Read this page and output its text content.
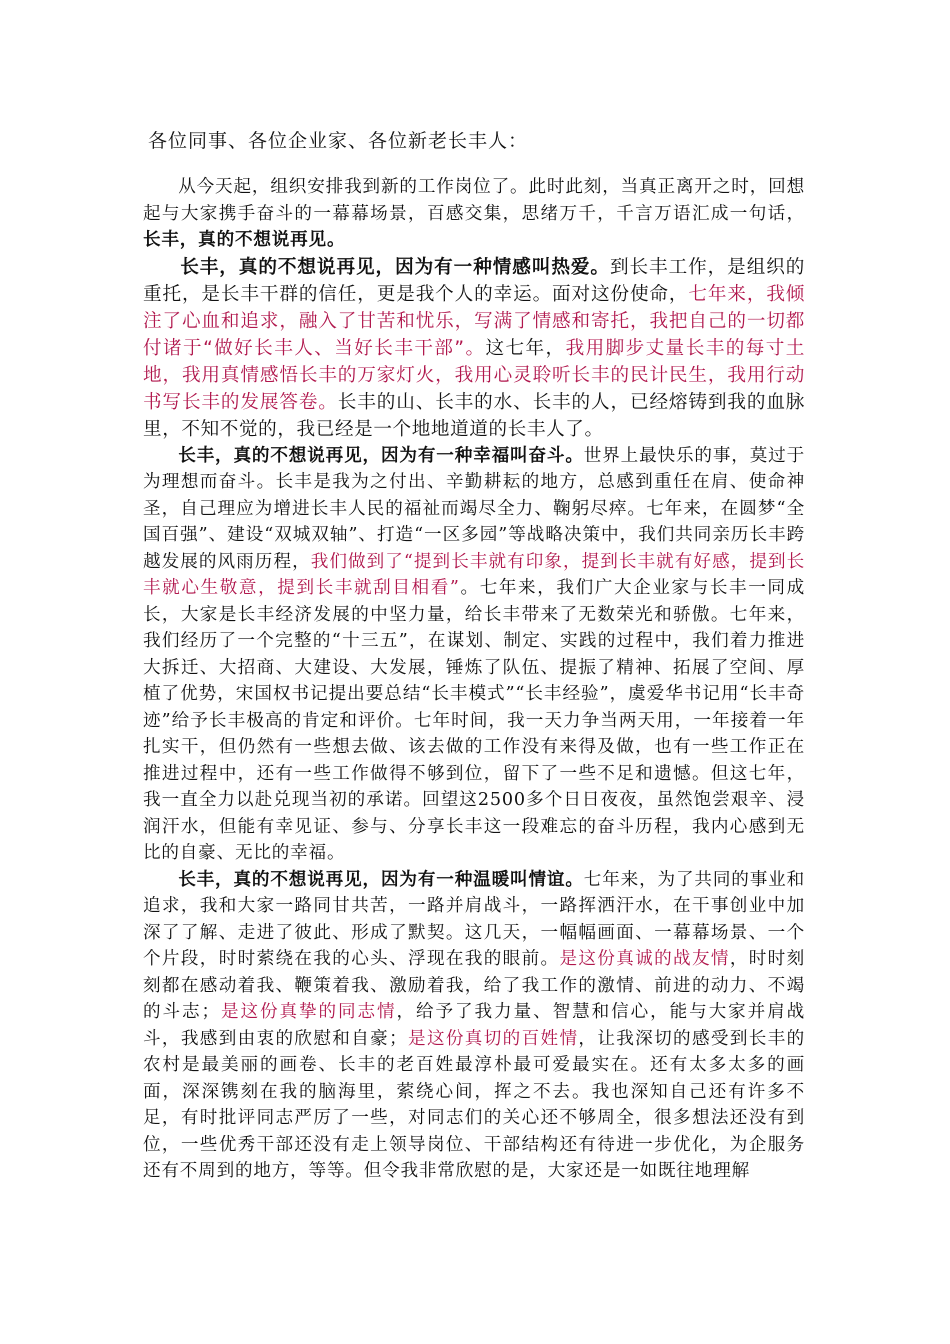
各位同事、各位企业家、各位新老长丰人：

从今天起，组织安排我到新的工作岗位了。此时此刻，当真正离开之时，回想起与大家携手奋斗的一幕幕场景，百感交集，思绪万千，千言万语汇成一句话，长丰，真的不想说再见。

长丰，真的不想说再见，因为有一种情感叫热爱。到长丰工作，是组织的重托，是长丰干群的信任，更是我个人的幸运。面对这份使命，七年来，我倾注了心血和追求，融入了甘苦和忧乐，写满了情感和寄托，我把自己的一切都付诸于“做好长丰人、当好长丰干部”。这七年，我用脚步丈量长丰的每寸土地，我用真情感悟长丰的万家灯火，我用心灵聆听长丰的民计民生，我用行动书写长丰的发展答卷。长丰的山、长丰的水、长丰的人，已经熔铸到我的血脉里，不知不觉的，我已经是一个地地道道的长丰人了。

长丰，真的不想说再见，因为有一种幸福叫奋斗。世界上最快乐的事，莫过于为理想而奋斗。长丰是我为之付出、辛勤耕耘的地方，总感到重任在肩、使命神圣，自己理应为增进长丰人民的福祉而竭尽全力、鞠躬尽瘁。七年来，在圆梦“全国百强”、建设“双城双轴”、打造“一区多园”等战略决策中，我们共同亲历长丰跨越发展的风雨历程，我们做到了“提到长丰就有印象，提到长丰就有好感，提到长丰就心生敬意，提到长丰就刮目相看”。七年来，我们广大企业家与长丰一同成长，大家是长丰经济发展的中坚力量，给长丰带来了无数荣光和骄傲。七年来，我们经历了一个完整的“十三五”，在谋划、制定、实践的过程中，我们着力推进大拆迁、大招商、大建设、大发展，锤炼了队伍、提振了精神、拓展了空间、厚植了优势，宋国权书记提出要总结“长丰模式”“长丰经验”，虞爱华书记用“长丰奇迹”给予长丰极高的肯定和评价。七年时间，我一天力争当两天用，一年接着一年扎实干，但仍然有一些想去做、该去做的工作没有来得及做，也有一些工作正在推进过程中，还有一些工作做得不够到位，留下了一些不足和遗憾。但这七年，我一直全力以赴兑现当初的承诺。回望这2500多个日日夜夜，虽然饱尝艰辛、浸润汗水，但能有幸见证、参与、分享长丰这一段难忘的奋斗历程，我内心感到无比的自豪、无比的幸福。

长丰，真的不想说再见，因为有一种温暖叫情谊。七年来，为了共同的事业和追求，我和大家一路同甘共苦，一路并肩战斗，一路挥洒汗水，在干事创业中加深了了解、走进了彼此、形成了默契。这几天，一幅幅画面、一幕幕场景、一个个片段，时时萦绕在我的心头、浮现在我的眼前。是这份真诚的战友情，时时刻刻都在感动着我、鞭策着我、激励着我，给了我工作的激情、前进的动力、不竭的斗志；是这份真挚的同志情，给予了我力量、智慧和信心，能与大家并肩战斗，我感到由衷的欣慰和自豪；是这份真切的百姓情，让我深切的感受到长丰的农村是最美丽的画卷、长丰的老百姓最淳朴最可爱最实在。还有太多太多的画面，深深镌刻在我的脑海里，萦绕心间，挥之不去。我也深知自己还有许多不足，有时批评同志严厉了一些，对同志们的关心还不够周全，很多想法还没有到位，一些优秀干部还没有走上领导岗位、干部结构还有待进一步优化，为企服务还有不周到的地方，等等。但令我非常欣慰的是，大家还是一如既往地理解
